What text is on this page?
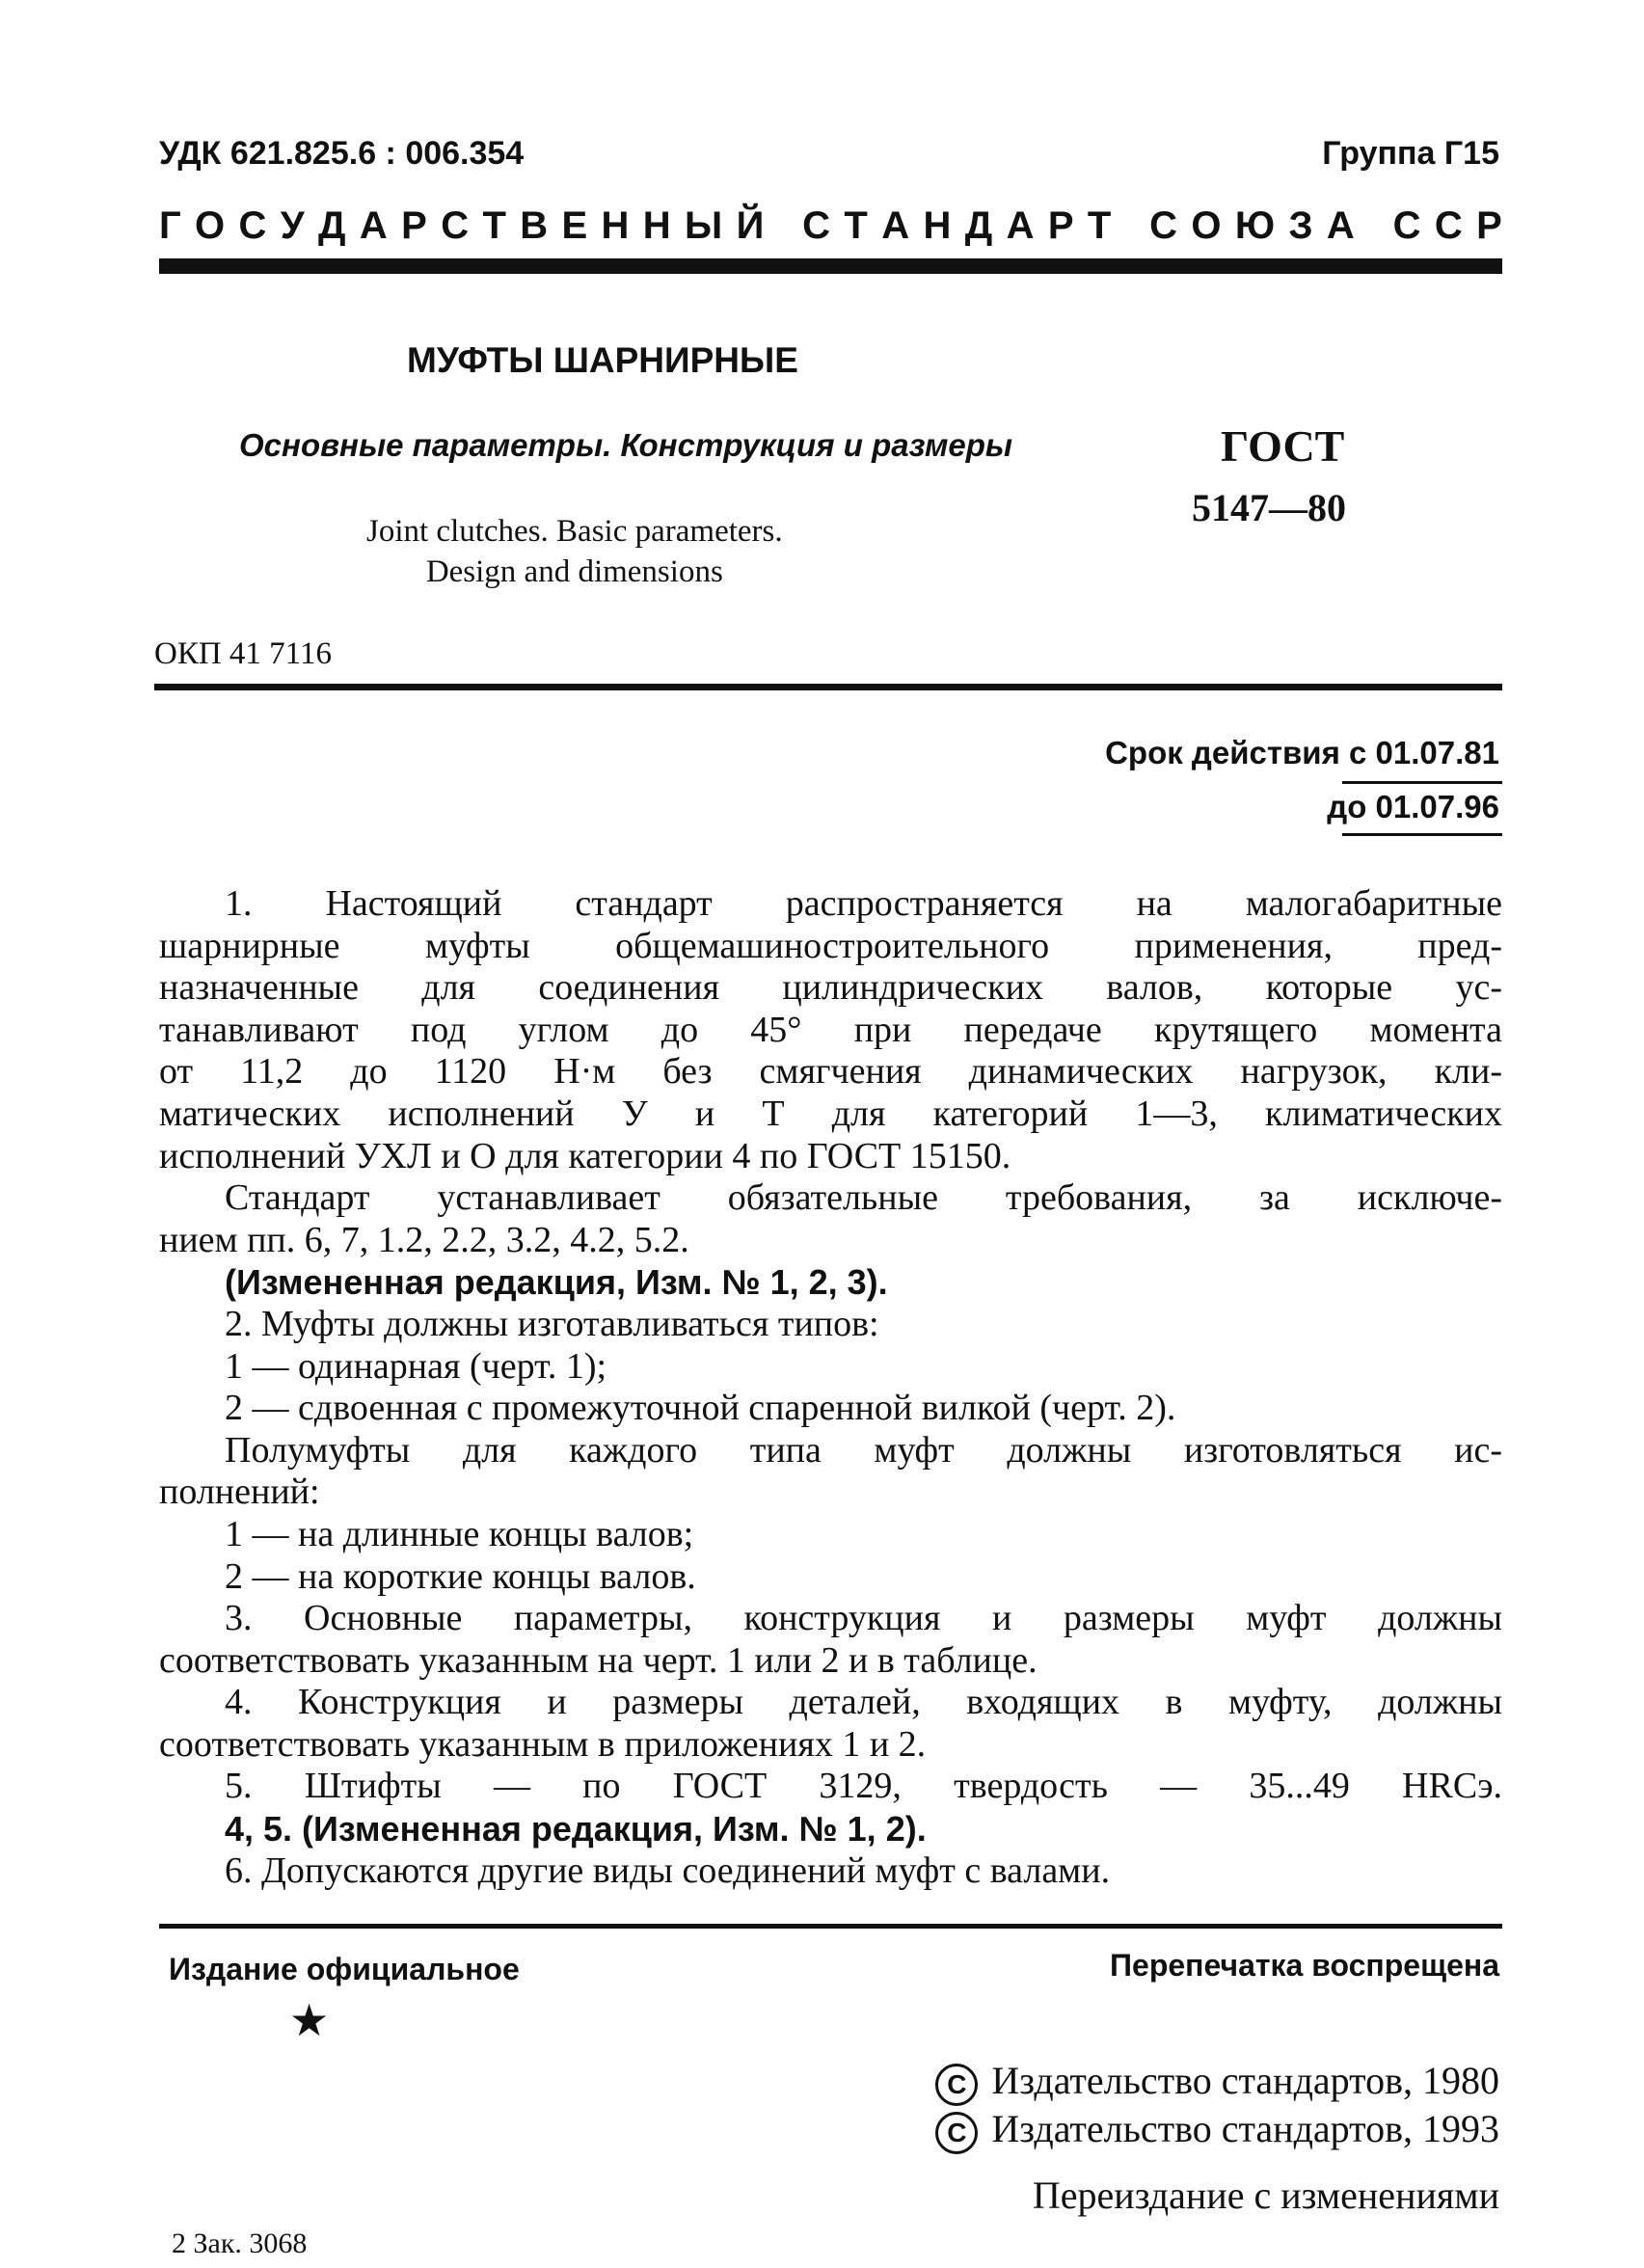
УДК 621.825.6 : 006.354	Группа Г15
Г О С У Д А Р С Т В Е Н Н Ы Й
С Т А Н Д А Р Т
С О Ю З А
С С Р
МУФТЫ ШАРНИРНЫЕ
Основные параметры. Конструкция и размеры
Joint clutches. Basic parameters.
Design and dimensions
ГОСТ
5147—80
ОКП 41 7116
Срок действия с 01.07.81
до 01.07.96

1. Настоящий стандарт распространяется на малогабаритные

шарнирные муфты общемашиностроительного применения, пред-

назначенные для соединения цилиндрических валов, которые ус-

танавливают под углом до 45° при передаче крутящего момента

от 11,2 до 1120 Н·м без смягчения динамических нагрузок, кли-

матических исполнений У и Т для категорий 1—3, климатических

исполнений УХЛ и О для категории 4 по ГОСТ 15150.

Стандарт устанавливает обязательные требования, за исключе-

нием пп. 6, 7, 1.2, 2.2, 3.2, 4.2, 5.2.

(Измененная редакция, Изм. № 1, 2, 3).

2. Муфты должны изготавливаться типов:

1 — одинарная (черт. 1);

2 — сдвоенная с промежуточной спаренной вилкой (черт. 2).

Полумуфты для каждого типа муфт должны изготовляться ис-

полнений:

1 — на длинные концы валов;

2 — на короткие концы валов.

3. Основные параметры, конструкция и размеры муфт должны

соответствовать указанным на черт. 1 или 2 и в таблице.

4. Конструкция и размеры деталей, входящих в муфту, должны

соответствовать указанным в приложениях 1 и 2.

5. Штифты — по ГОСТ 3129, твердость — 35...49 HRCэ.

4, 5. (Измененная редакция, Изм. № 1, 2).

6. Допускаются другие виды соединений муфт с валами.

Издание официальное	Перепечатка воспрещена
★
C Издательство стандартов, 1980
C Издательство стандартов, 1993
Переиздание с изменениями
2 Зак. 3068
